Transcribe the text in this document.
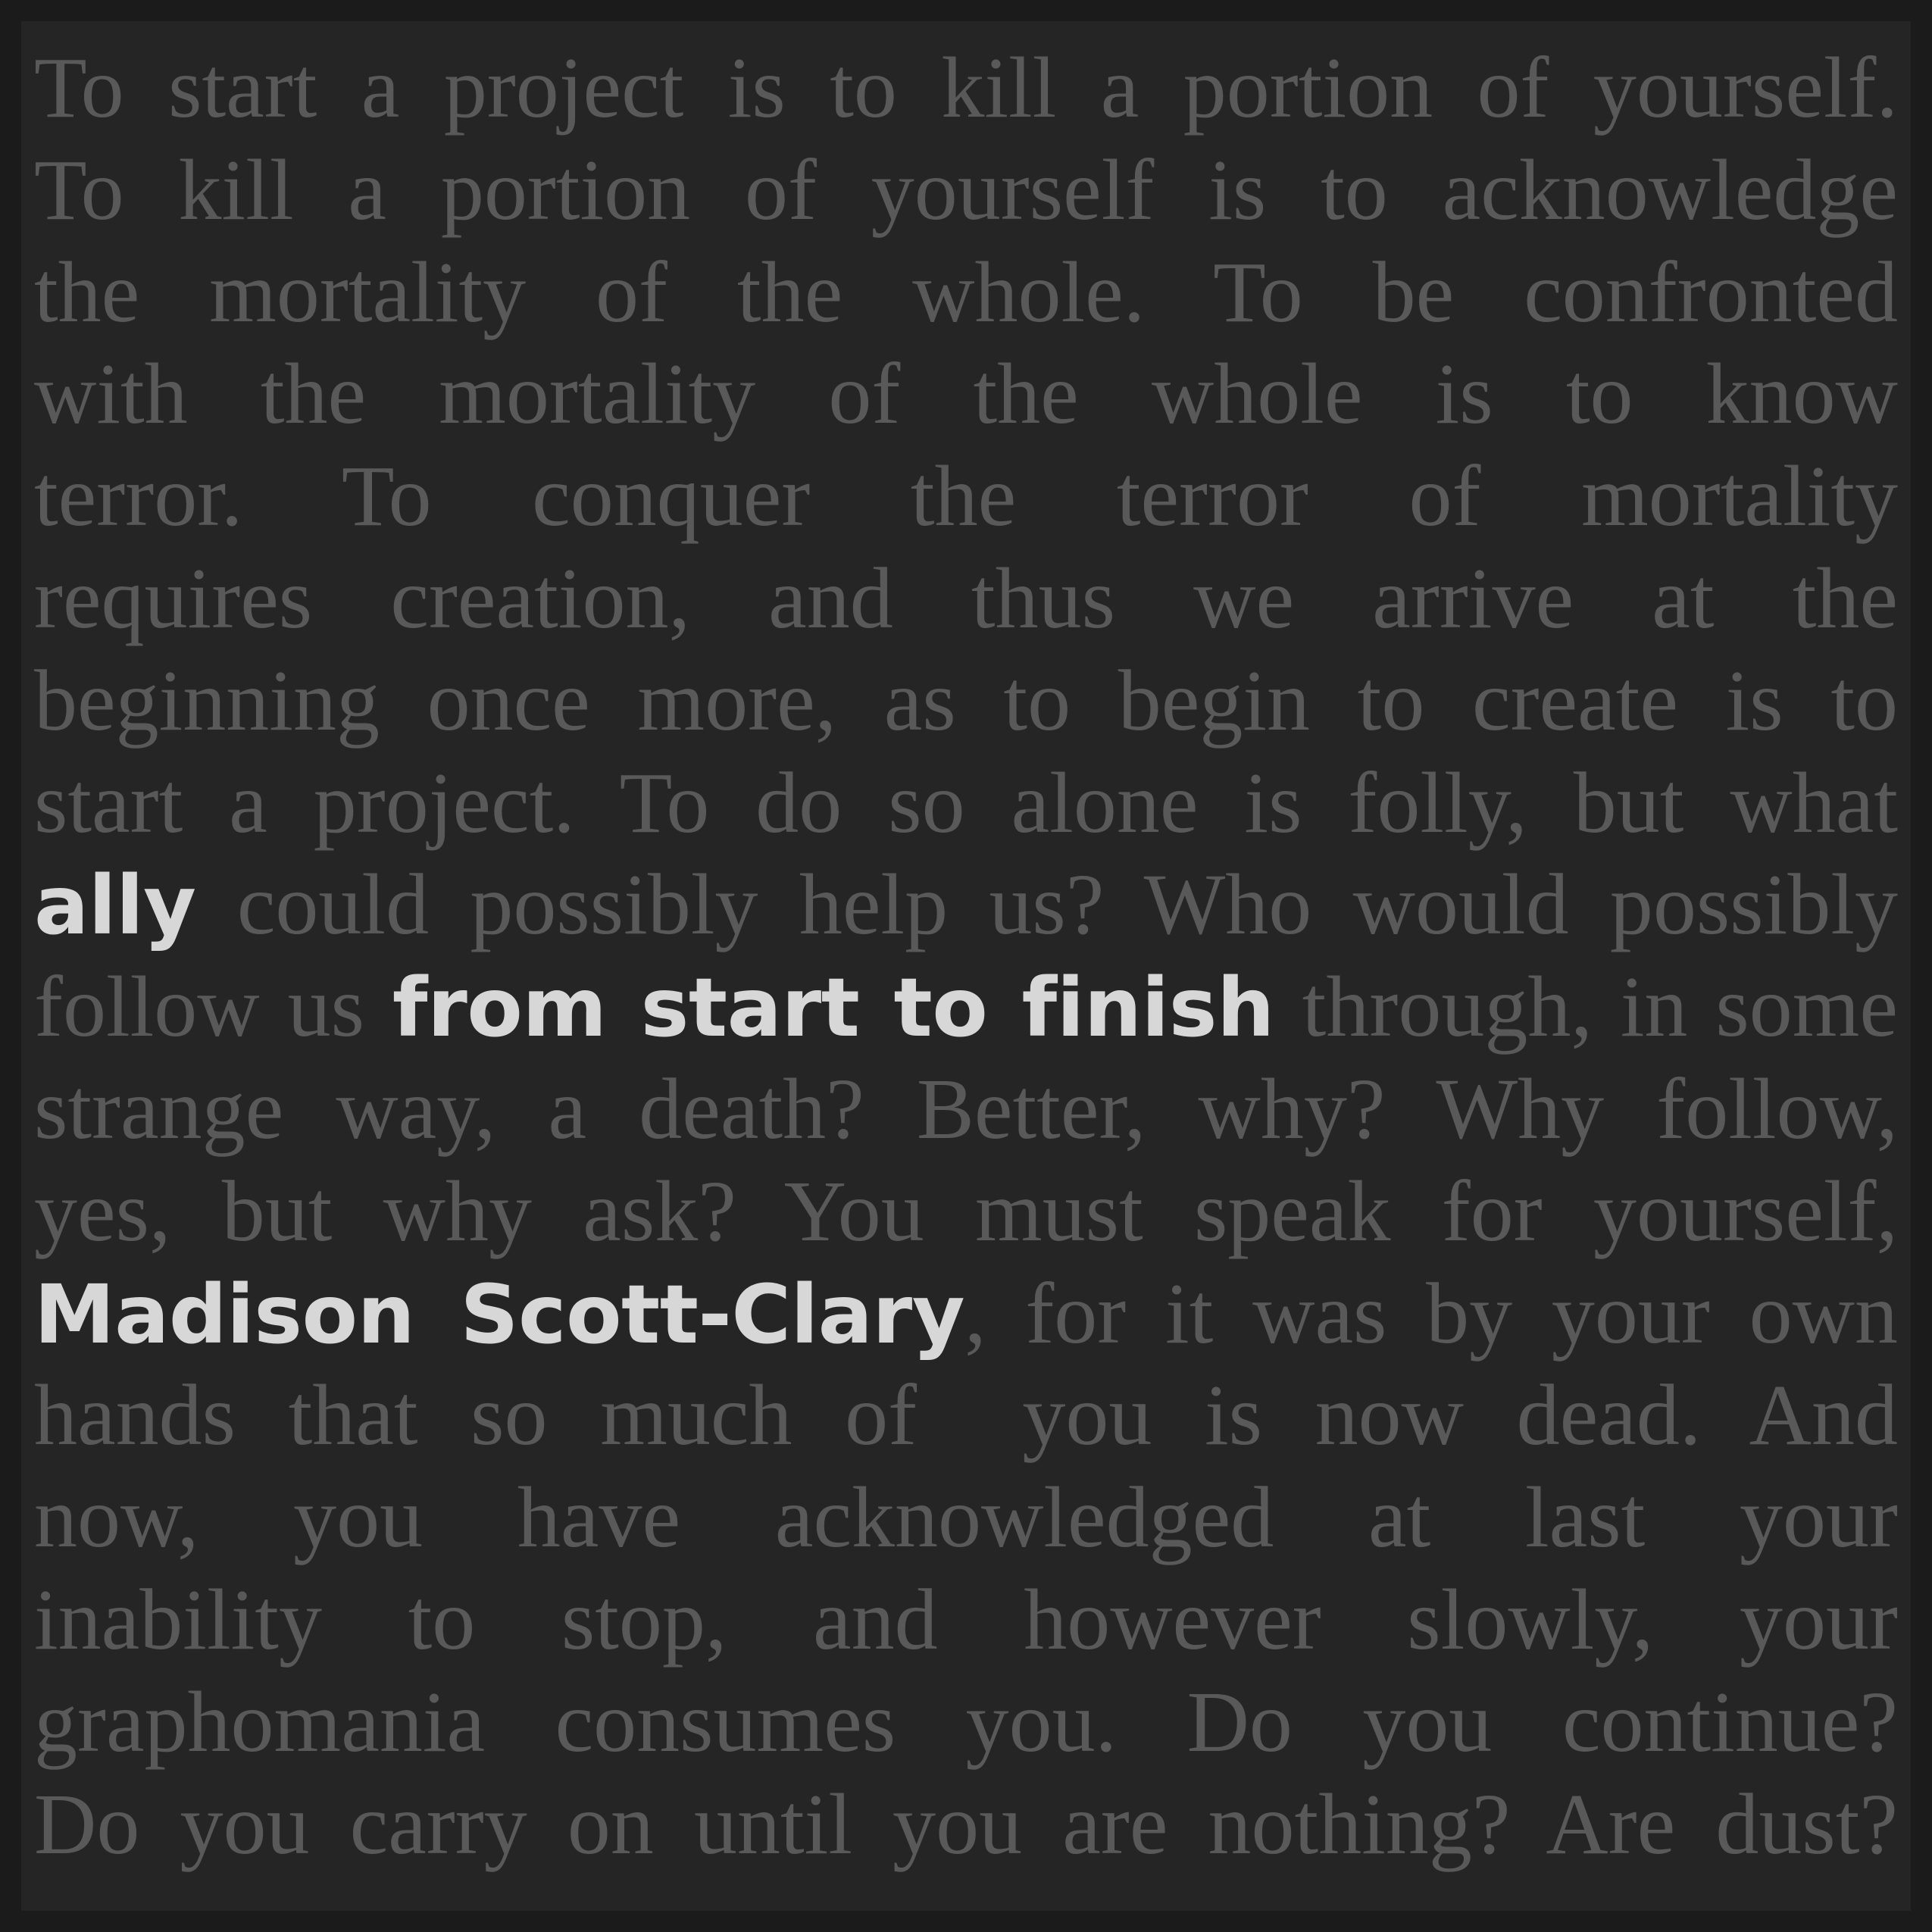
To start a project is to kill a portion of yourself.
To kill a portion of yourself is to acknowledge
the mortality of the whole. To be confronted
with the mortality of the whole is to know
terror. To conquer the terror of mortality
requires creation, and thus we arrive at the
beginning once more, as to begin to create is to
start a project. To do so alone is folly, but what
ally could possibly help us? Who would possibly
follow us from start to finish through, in some
strange way, a death? Better, why? Why follow,
yes, but why ask? You must speak for yourself,
Madison Scott-Clary, for it was by your own
hands that so much of  you is now dead. And
now, you have acknowledged at last your
inability to stop, and however slowly, your
graphomania consumes you. Do you continue?
Do you carry on until you are nothing? Are dust?
